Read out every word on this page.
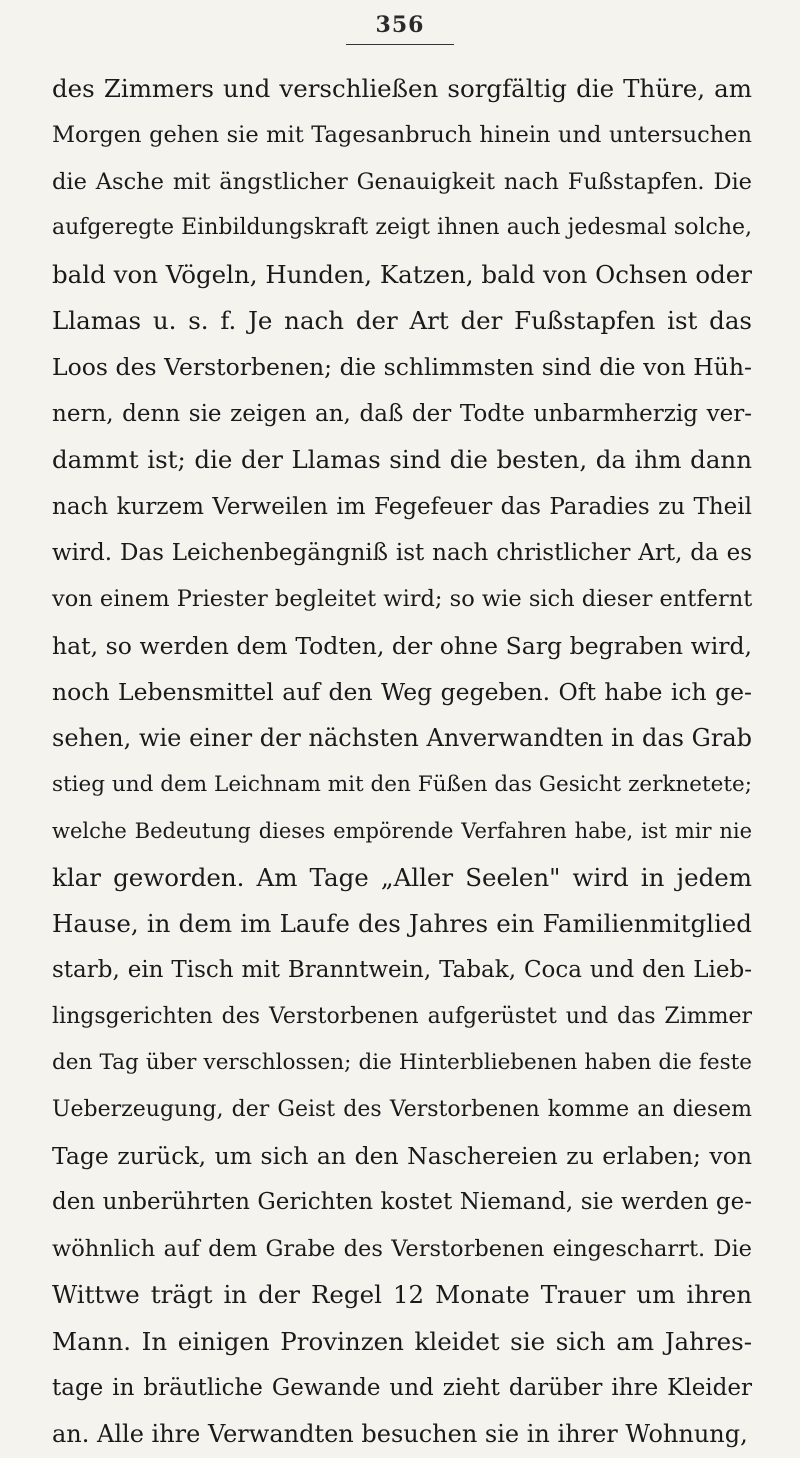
356
des Zimmers und verschließen sorgfältig die Thüre, am
Morgen gehen sie mit Tagesanbruch hinein und untersuchen
die Asche mit ängstlicher Genauigkeit nach Fußstapfen. Die
aufgeregte Einbildungskraft zeigt ihnen auch jedesmal solche,
bald von Vögeln, Hunden, Katzen, bald von Ochsen oder
Llamas u. s. f. Je nach der Art der Fußstapfen ist das
Loos des Verstorbenen; die schlimmsten sind die von Hüh-
nern, denn sie zeigen an, daß der Todte unbarmherzig ver-
dammt ist; die der Llamas sind die besten, da ihm dann
nach kurzem Verweilen im Fegefeuer das Paradies zu Theil
wird. Das Leichenbegängniß ist nach christlicher Art, da es
von einem Priester begleitet wird; so wie sich dieser entfernt
hat, so werden dem Todten, der ohne Sarg begraben wird,
noch Lebensmittel auf den Weg gegeben. Oft habe ich ge-
sehen, wie einer der nächsten Anverwandten in das Grab
stieg und dem Leichnam mit den Füßen das Gesicht zerknetete;
welche Bedeutung dieses empörende Verfahren habe, ist mir nie
klar geworden. Am Tage „Aller Seelen" wird in jedem
Hause, in dem im Laufe des Jahres ein Familienmitglied
starb, ein Tisch mit Branntwein, Tabak, Coca und den Lieb-
lingsgerichten des Verstorbenen aufgerüstet und das Zimmer
den Tag über verschlossen; die Hinterbliebenen haben die feste
Ueberzeugung, der Geist des Verstorbenen komme an diesem
Tage zurück, um sich an den Naschereien zu erlaben; von
den unberührten Gerichten kostet Niemand, sie werden ge-
wöhnlich auf dem Grabe des Verstorbenen eingescharrt. Die
Wittwe trägt in der Regel 12 Monate Trauer um ihren
Mann. In einigen Provinzen kleidet sie sich am Jahres-
tage in bräutliche Gewande und zieht darüber ihre Kleider
an. Alle ihre Verwandten besuchen sie in ihrer Wohnung,
